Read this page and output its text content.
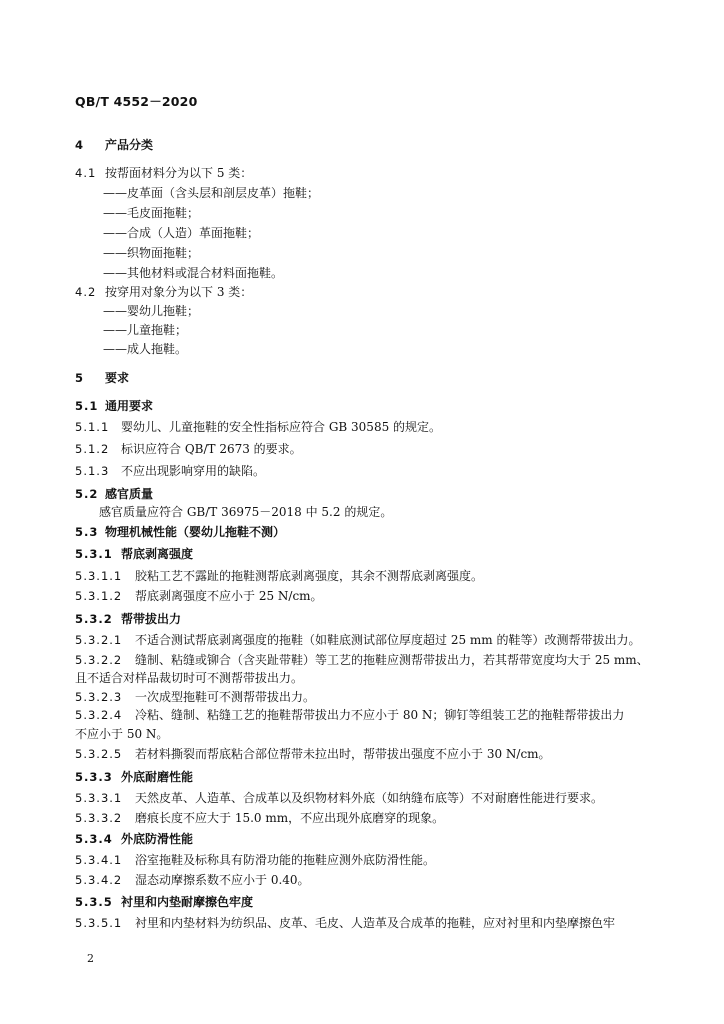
QB/T 4552－2020
4 产品分类
4.1 按帮面材料分为以下 5 类：
——皮革面（含头层和剖层皮革）拖鞋；
——毛皮面拖鞋；
——合成（人造）革面拖鞋；
——织物面拖鞋；
——其他材料或混合材料面拖鞋。
4.2 按穿用对象分为以下 3 类：
——婴幼儿拖鞋；
——儿童拖鞋；
——成人拖鞋。
5 要求
5.1 通用要求
5.1.1 婴幼儿、儿童拖鞋的安全性指标应符合 GB 30585 的规定。
5.1.2 标识应符合 QB/T 2673 的要求。
5.1.3 不应出现影响穿用的缺陷。
5.2 感官质量
感官质量应符合 GB/T 36975－2018 中 5.2 的规定。
5.3 物理机械性能（婴幼儿拖鞋不测）
5.3.1 帮底剥离强度
5.3.1.1 胶粘工艺不露趾的拖鞋测帮底剥离强度，其余不测帮底剥离强度。
5.3.1.2 帮底剥离强度不应小于 25 N/cm。
5.3.2 帮带拔出力
5.3.2.1 不适合测试帮底剥离强度的拖鞋（如鞋底测试部位厚度超过 25 mm 的鞋等）改测帮带拔出力。
5.3.2.2 缝制、粘缝或铆合（含夹趾带鞋）等工艺的拖鞋应测帮带拔出力，若其帮带宽度均大于 25 mm、
且不适合对样品裁切时可不测帮带拔出力。
5.3.2.3 一次成型拖鞋可不测帮带拔出力。
5.3.2.4 冷粘、缝制、粘缝工艺的拖鞋帮带拔出力不应小于 80 N；铆钉等组装工艺的拖鞋帮带拔出力
不应小于 50 N。
5.3.2.5 若材料撕裂而帮底粘合部位帮带未拉出时，帮带拔出强度不应小于 30 N/cm。
5.3.3 外底耐磨性能
5.3.3.1 天然皮革、人造革、合成革以及织物材料外底（如纳缝布底等）不对耐磨性能进行要求。
5.3.3.2 磨痕长度不应大于 15.0 mm，不应出现外底磨穿的现象。
5.3.4 外底防滑性能
5.3.4.1 浴室拖鞋及标称具有防滑功能的拖鞋应测外底防滑性能。
5.3.4.2 湿态动摩擦系数不应小于 0.40。
5.3.5 衬里和内垫耐摩擦色牢度
5.3.5.1 衬里和内垫材料为纺织品、皮革、毛皮、人造革及合成革的拖鞋，应对衬里和内垫摩擦色牢
2
